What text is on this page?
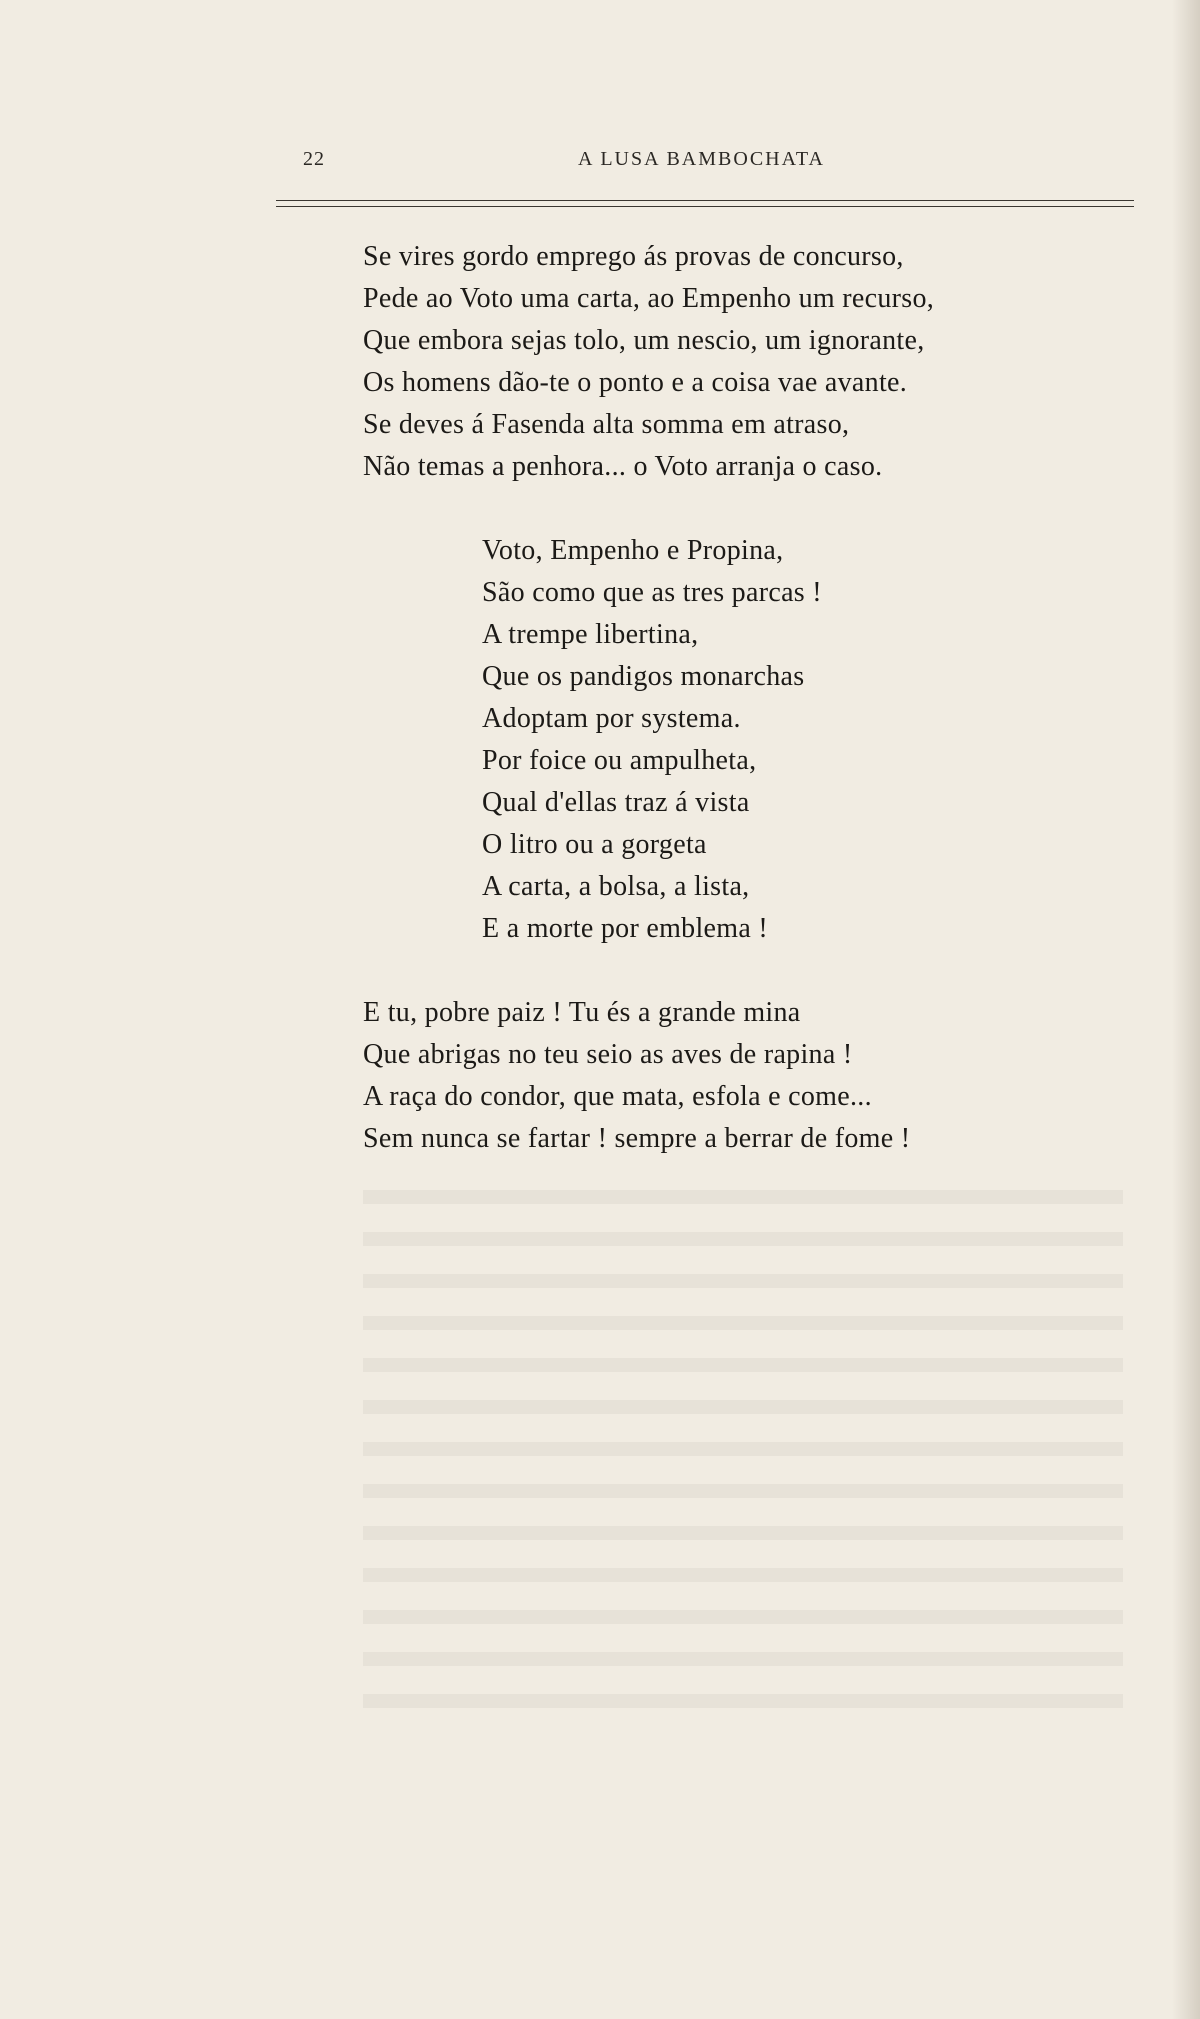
22	A LUSA BAMBOCHATA
Se vires gordo emprego ás provas de concurso,
Pede ao Voto uma carta, ao Empenho um recurso,
Que embora sejas tolo, um nescio, um ignorante,
Os homens dão-te o ponto e a coisa vae avante.
Se deves á Fasenda alta somma em atraso,
Não temas a penhora... o Voto arranja o caso.
Voto, Empenho e Propina,
São como que as tres parcas !
A trempe libertina,
Que os pandigos monarchas
Adoptam por systema.
Por foice ou ampulheta,
Qual d'ellas traz á vista
O litro ou a gorgeta
A carta, a bolsa, a lista,
E a morte por emblema !
E tu, pobre paiz ! Tu és a grande mina
Que abrigas no teu seio as aves de rapina !
A raça do condor, que mata, esfola e come...
Sem nunca se fartar ! sempre a berrar de fome !
